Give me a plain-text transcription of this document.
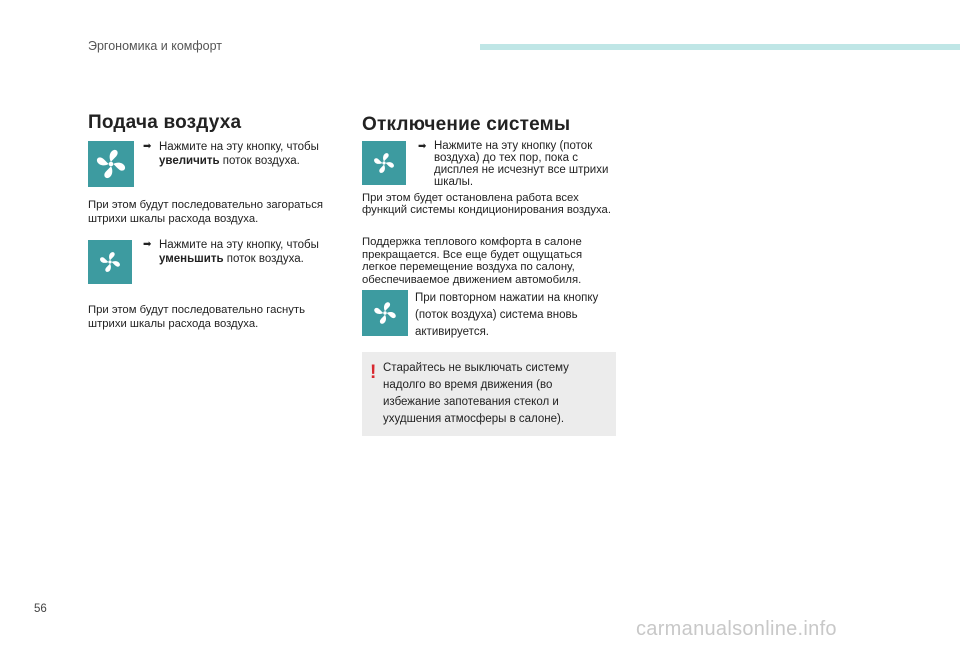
Эргономика и комфорт
Подача воздуха
➡ Нажмите на эту кнопку, чтобы увеличить поток воздуха.
При этом будут последовательно загораться штрихи шкалы расхода воздуха.
➡ Нажмите на эту кнопку, чтобы уменьшить поток воздуха.
При этом будут последовательно гаснуть штрихи шкалы расхода воздуха.
Отключение системы
➡ Нажмите на эту кнопку (поток воздуха) до тех пор, пока с дисплея не исчезнут все штрихи шкалы.
При этом будет остановлена работа всех функций системы кондиционирования воздуха.
Поддержка теплового комфорта в салоне прекращается. Все еще будет ощущаться легкое перемещение воздуха по салону, обеспечиваемое движением автомобиля.
При повторном нажатии на кнопку (поток воздуха) система вновь активируется.
! Старайтесь не выключать систему надолго во время движения (во избежание запотевания стекол и ухудшения атмосферы в салоне).
56
carmanualsonline.info
